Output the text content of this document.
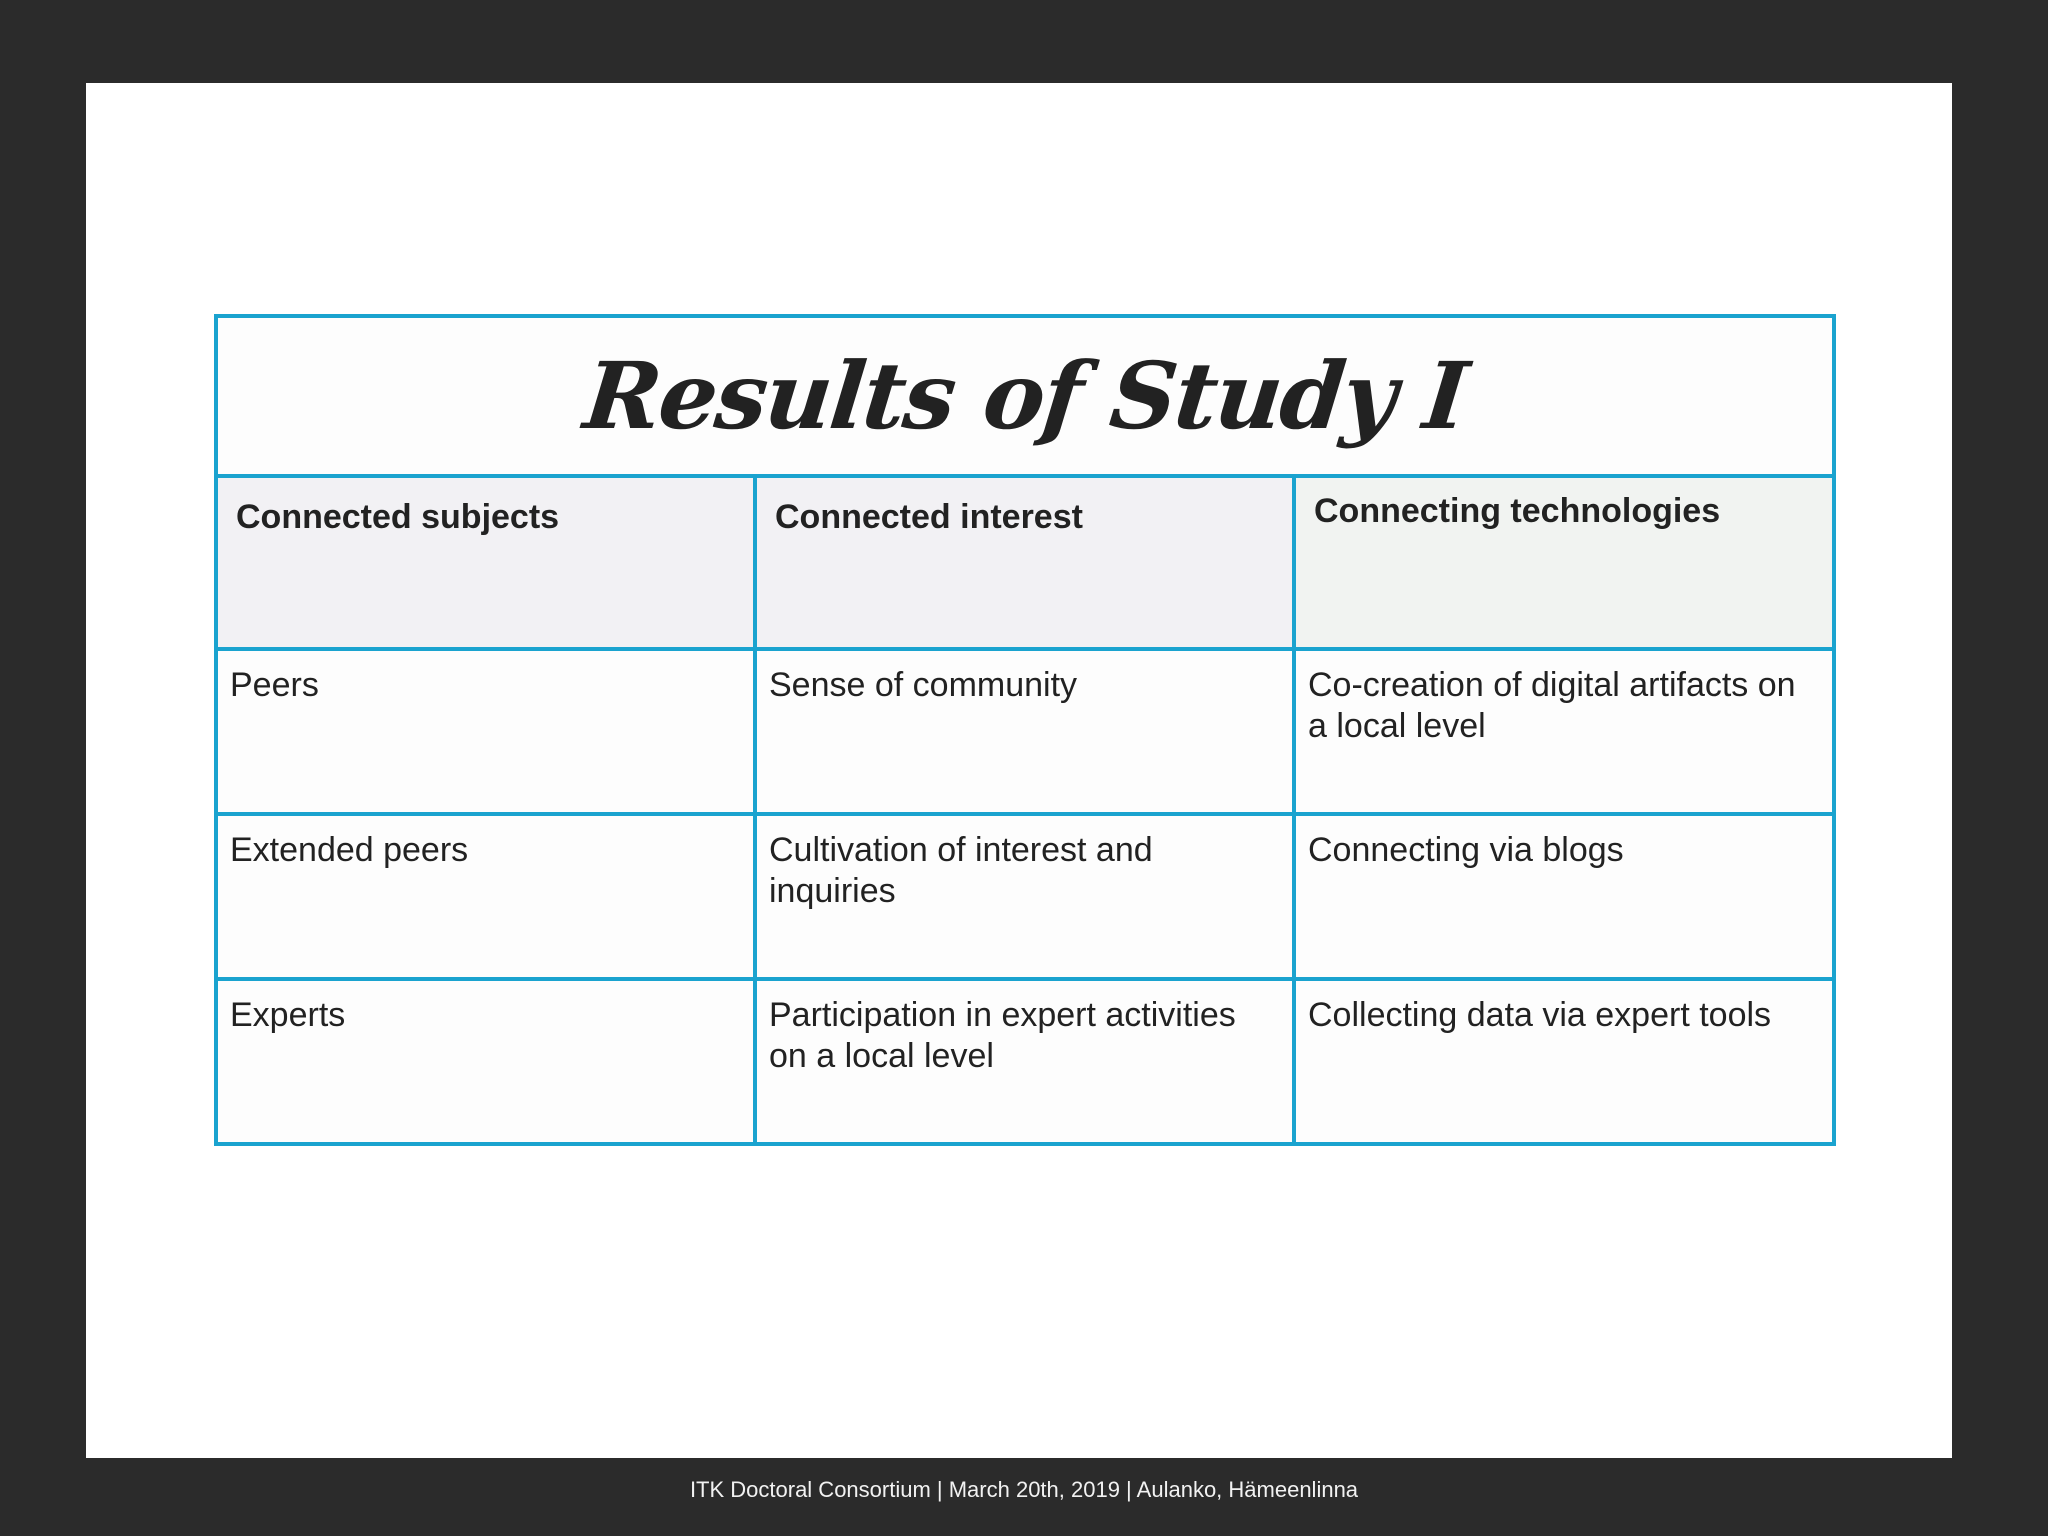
Results of Study I		
Connected subjects	Connected interest	Connecting technologies
Peers	Sense of community	Co-creation of digital artifacts on a local level
Extended peers	Cultivation of interest and inquiries	Connecting via blogs
Experts	Participation in expert activities on a local level	Collecting data via expert tools
ITK Doctoral Consortium | March 20th, 2019 | Aulanko, Hämeenlinna
